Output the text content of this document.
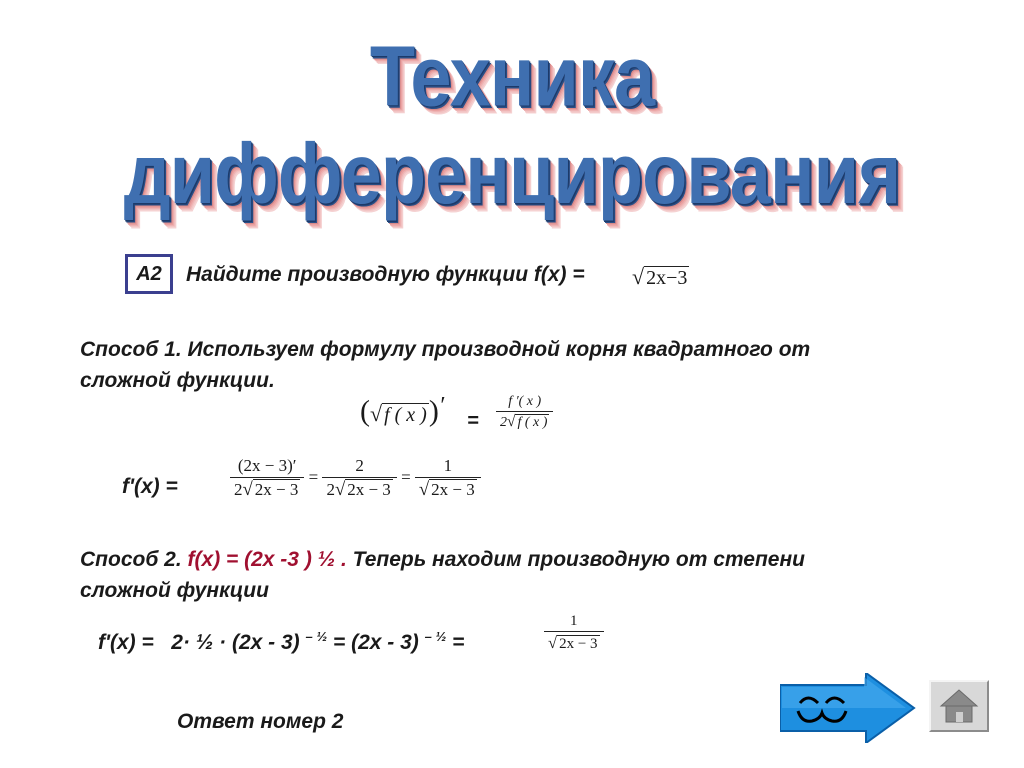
Техника дифференцирования
А2	Найдите производную функции f(x) = √ 2x−3
Способ 1. Используем формулу производной корня квадратного от
сложной функции.
(√ f ( x ))′
= $\frac{f '( x )}{2√ f ( x )}$
f'(x) =	$\frac{(2x - 3)'}{2√ 2x - 3} = \frac{2}{2√ 2x - 3} = \frac{1}{√ 2x - 3}$
Способ 2. f(x) = (2x -3 ) ½ . Теперь находим производную от степени
сложной функции
f'(x) = 2· ½ · (2x - 3) $^{- \frac{1}{2}}$ = (2x - 3) $^{- \frac{1}{2}}$ =	$\frac{1}{√ 2x - 3}$
Ответ номер 2
